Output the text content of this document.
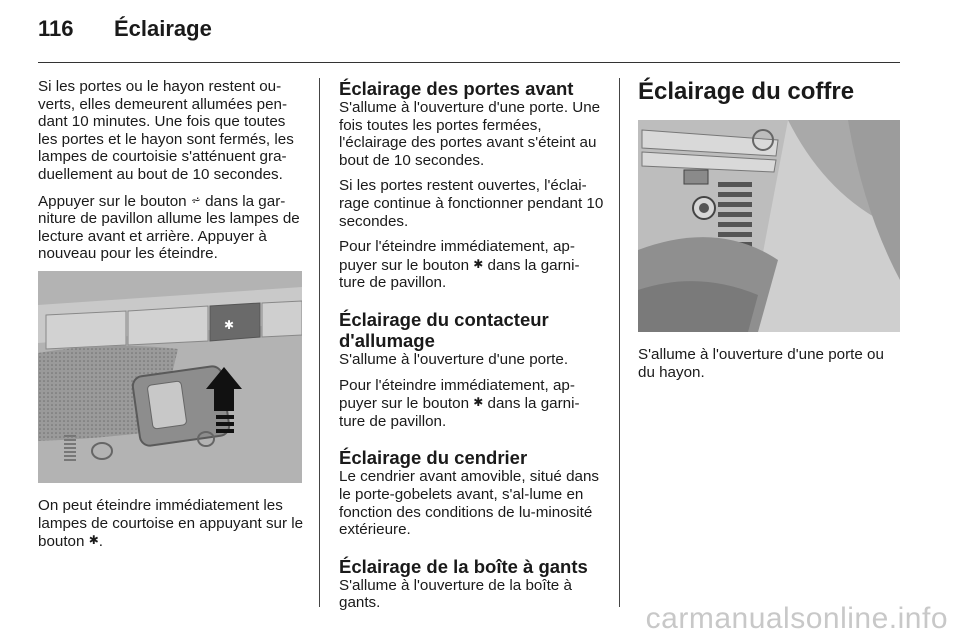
116 Éclairage

Si les portes ou le hayon restent ou-verts, elles demeurent allumées pen-dant 10 minutes. Une fois que toutes les portes et le hayon sont fermés, les lampes de courtoisie s'atténuent gra-duellement au bout de 10 secondes.

Appuyer sur le bouton ⩫ dans la gar-niture de pavillon allume les lampes de lecture avant et arrière. Appuyer à nouveau pour les éteindre.

✱

On peut éteindre immédiatement les lampes de courtoise en appuyant sur le bouton ✱.

Éclairage des portes avant

S'allume à l'ouverture d'une porte. Une fois toutes les portes fermées, l'éclairage des portes avant s'éteint au bout de 10 secondes.

Si les portes restent ouvertes, l'éclai-rage continue à fonctionner pendant 10 secondes.

Pour l'éteindre immédiatement, ap-puyer sur le bouton ✱ dans la garni-ture de pavillon.

Éclairage du contacteur d'allumage

S'allume à l'ouverture d'une porte.

Pour l'éteindre immédiatement, ap-puyer sur le bouton ✱ dans la garni-ture de pavillon.

Éclairage du cendrier

Le cendrier avant amovible, situé dans le porte-gobelets avant, s'al-lume en fonction des conditions de lu-minosité extérieure.

Éclairage de la boîte à gants

S'allume à l'ouverture de la boîte à gants.

Éclairage du coffre

S'allume à l'ouverture d'une porte ou du hayon.

carmanualsonline.info
